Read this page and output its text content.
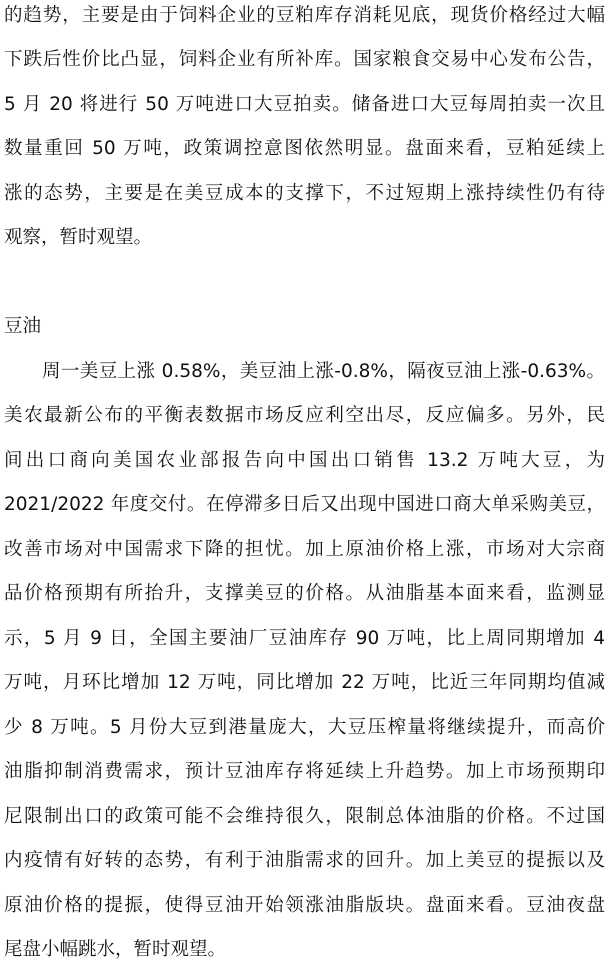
的趋势，主要是由于饲料企业的豆粕库存消耗见底，现货价格经过大幅
下跌后性价比凸显，饲料企业有所补库。国家粮食交易中心发布公告，
5 月 20 将进行 50 万吨进口大豆拍卖。储备进口大豆每周拍卖一次且
数量重回 50 万吨，政策调控意图依然明显。盘面来看，豆粕延续上
涨的态势，主要是在美豆成本的支撑下，不过短期上涨持续性仍有待
观察，暂时观望。
豆油
周一美豆上涨 0.58%，美豆油上涨-0.8%，隔夜豆油上涨-0.63%。
美农最新公布的平衡表数据市场反应利空出尽，反应偏多。另外，民
间出口商向美国农业部报告向中国出口销售 13.2 万吨大豆，为
2021/2022 年度交付。在停滞多日后又出现中国进口商大单采购美豆，
改善市场对中国需求下降的担忧。加上原油价格上涨，市场对大宗商
品价格预期有所抬升，支撑美豆的价格。从油脂基本面来看，监测显
示，5 月 9 日，全国主要油厂豆油库存 90 万吨，比上周同期增加 4
万吨，月环比增加 12 万吨，同比增加 22 万吨，比近三年同期均值减
少 8 万吨。5 月份大豆到港量庞大，大豆压榨量将继续提升，而高价
油脂抑制消费需求，预计豆油库存将延续上升趋势。加上市场预期印
尼限制出口的政策可能不会维持很久，限制总体油脂的价格。不过国
内疫情有好转的态势，有利于油脂需求的回升。加上美豆的提振以及
原油价格的提振，使得豆油开始领涨油脂版块。盘面来看。豆油夜盘
尾盘小幅跳水，暂时观望。
